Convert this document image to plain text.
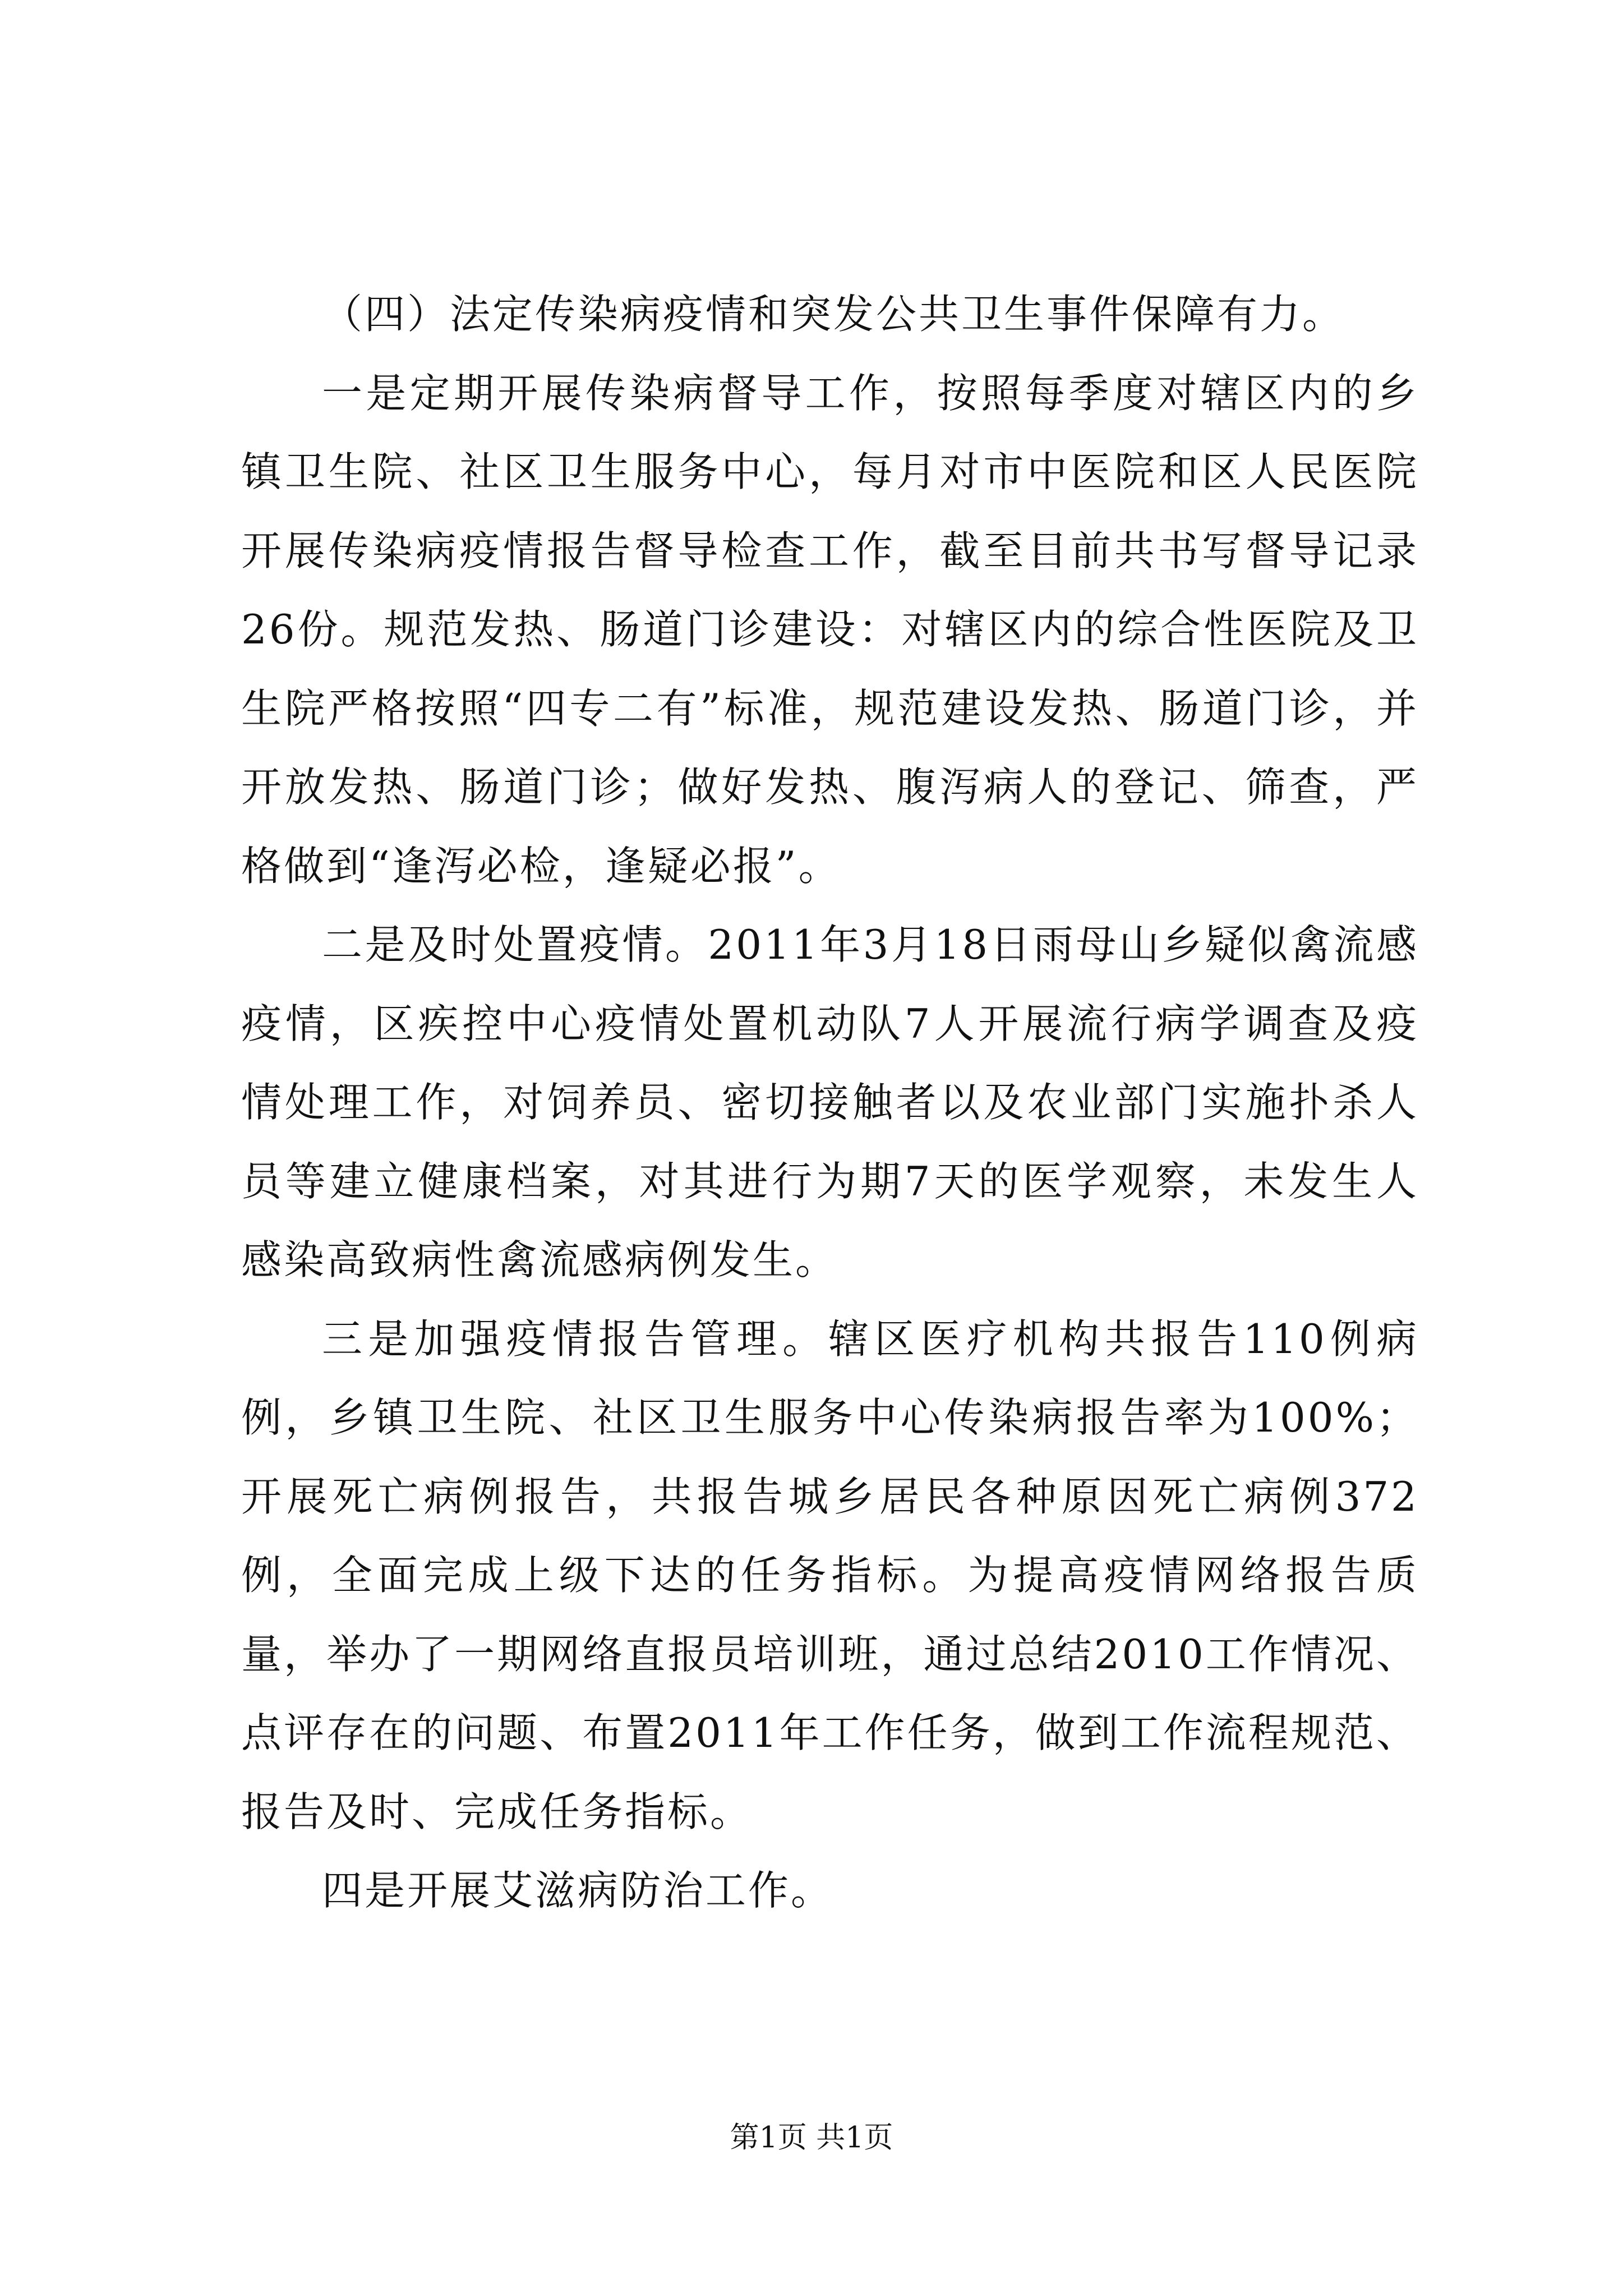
（四）法定传染病疫情和突发公共卫生事件保障有力。

一是定期开展传染病督导工作，按照每季度对辖区内的乡镇卫生院、社区卫生服务中心，每月对市中医院和区人民医院开展传染病疫情报告督导检查工作，截至目前共书写督导记录26份。规范发热、肠道门诊建设：对辖区内的综合性医院及卫生院严格按照“四专二有”标准，规范建设发热、肠道门诊，并开放发热、肠道门诊；做好发热、腹泻病人的登记、筛查，严格做到“逢泻必检，逢疑必报”。

二是及时处置疫情。2011年3月18日雨母山乡疑似禽流感疫情，区疾控中心疫情处置机动队7人开展流行病学调查及疫情处理工作，对饲养员、密切接触者以及农业部门实施扑杀人员等建立健康档案，对其进行为期7天的医学观察，未发生人感染高致病性禽流感病例发生。

三是加强疫情报告管理。辖区医疗机构共报告110例病例，乡镇卫生院、社区卫生服务中心传染病报告率为100%；开展死亡病例报告，共报告城乡居民各种原因死亡病例372例，全面完成上级下达的任务指标。为提高疫情网络报告质量，举办了一期网络直报员培训班，通过总结2010工作情况、点评存在的问题、布置2011年工作任务，做到工作流程规范、报告及时、完成任务指标。

四是开展艾滋病防治工作。

第1页 共1页
